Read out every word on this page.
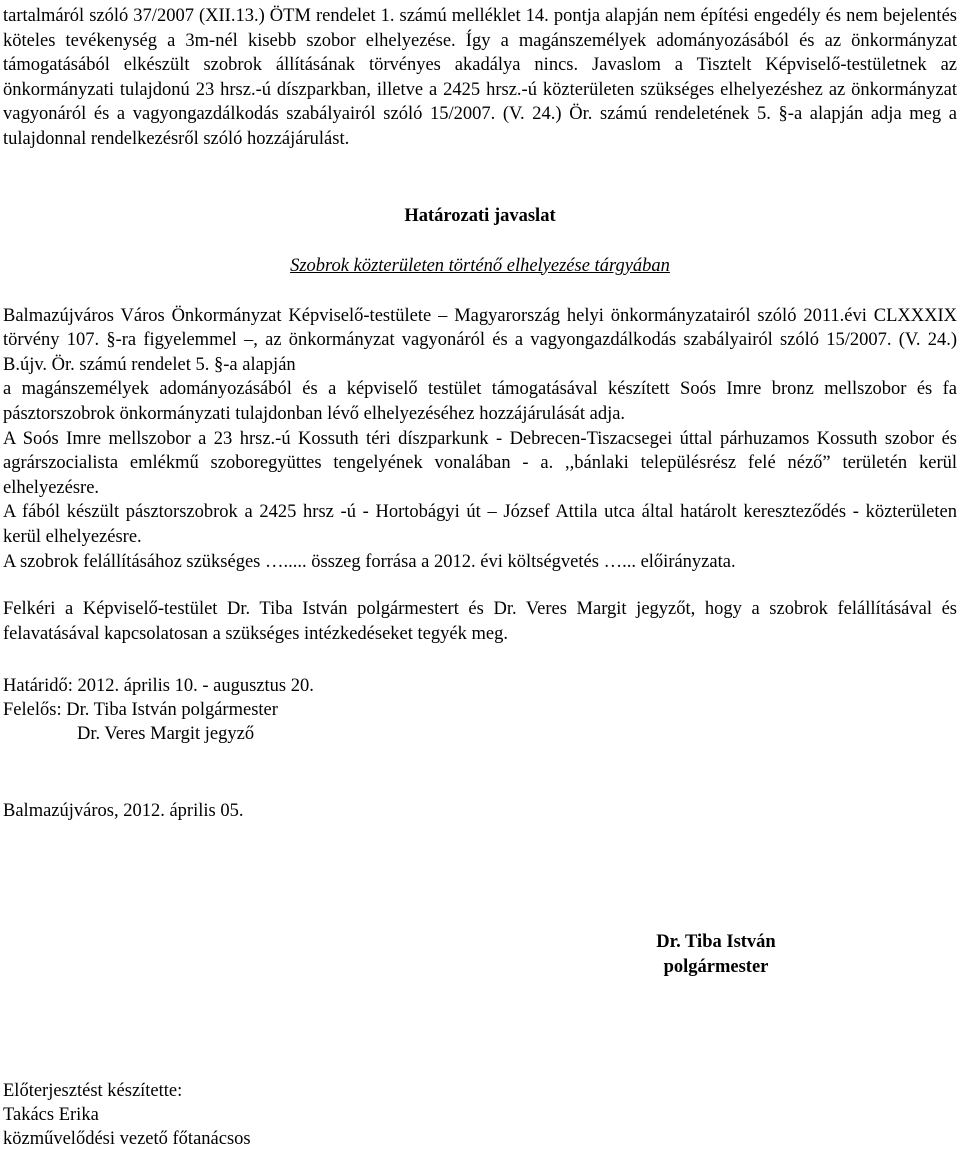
tartalmáról szóló 37/2007 (XII.13.) ÖTM rendelet 1. számú melléklet 14. pontja alapján nem építési engedély és nem bejelentés köteles tevékenység a 3m-nél kisebb szobor elhelyezése. Így a magánszemélyek adományozásából és az önkormányzat támogatásából elkészült szobrok állításának törvényes akadálya nincs. Javaslom a Tisztelt Képviselő-testületnek az önkormányzati tulajdonú 23 hrsz.-ú díszparkban, illetve a 2425 hrsz.-ú közterületen szükséges elhelyezéshez az önkormányzat vagyonáról és a vagyongazdálkodás szabályairól szóló 15/2007. (V. 24.) Ör. számú rendeletének 5. §-a alapján adja meg a tulajdonnal rendelkezésről szóló hozzájárulást.

Határozati javaslat

Szobrok közterületen történő elhelyezése tárgyában

Balmazújváros Város Önkormányzat Képviselő-testülete – Magyarország helyi önkormányzatairól szóló 2011.évi CLXXXIX törvény 107. §-ra figyelemmel –, az önkormányzat vagyonáról és a vagyongazdálkodás szabályairól szóló 15/2007. (V. 24.) B.újv. Ör. számú rendelet 5. §-a alapján

a magánszemélyek adományozásából és a képviselő testület támogatásával készített Soós Imre bronz mellszobor és fa pásztorszobrok önkormányzati tulajdonban lévő elhelyezéséhez hozzájárulását adja.

A Soós Imre mellszobor a 23 hrsz.-ú Kossuth téri díszparkunk - Debrecen-Tiszacsegei úttal párhuzamos Kossuth szobor és agrárszocialista emlékmű szoboregyüttes tengelyének vonalában - a. ,,bánlaki településrész felé néző” területén kerül elhelyezésre.

A fából készült pásztorszobrok a 2425 hrsz -ú - Hortobágyi út – József Attila utca által határolt kereszteződés - közterületen kerül elhelyezésre.

A szobrok felállításához szükséges …..... összeg forrása a 2012. évi költségvetés …... előirányzata.

Felkéri a Képviselő-testület Dr. Tiba István polgármestert és Dr. Veres Margit jegyzőt, hogy a szobrok felállításával és felavatásával kapcsolatosan a szükséges intézkedéseket tegyék meg.

Határidő: 2012. április 10. - augusztus 20.

Felelős: Dr. Tiba István polgármester

Dr. Veres Margit jegyző

Balmazújváros, 2012. április 05.

Dr. Tiba István
polgármester
Előterjesztést készítette:
Takács Erika
közművelődési vezető főtanácsos
